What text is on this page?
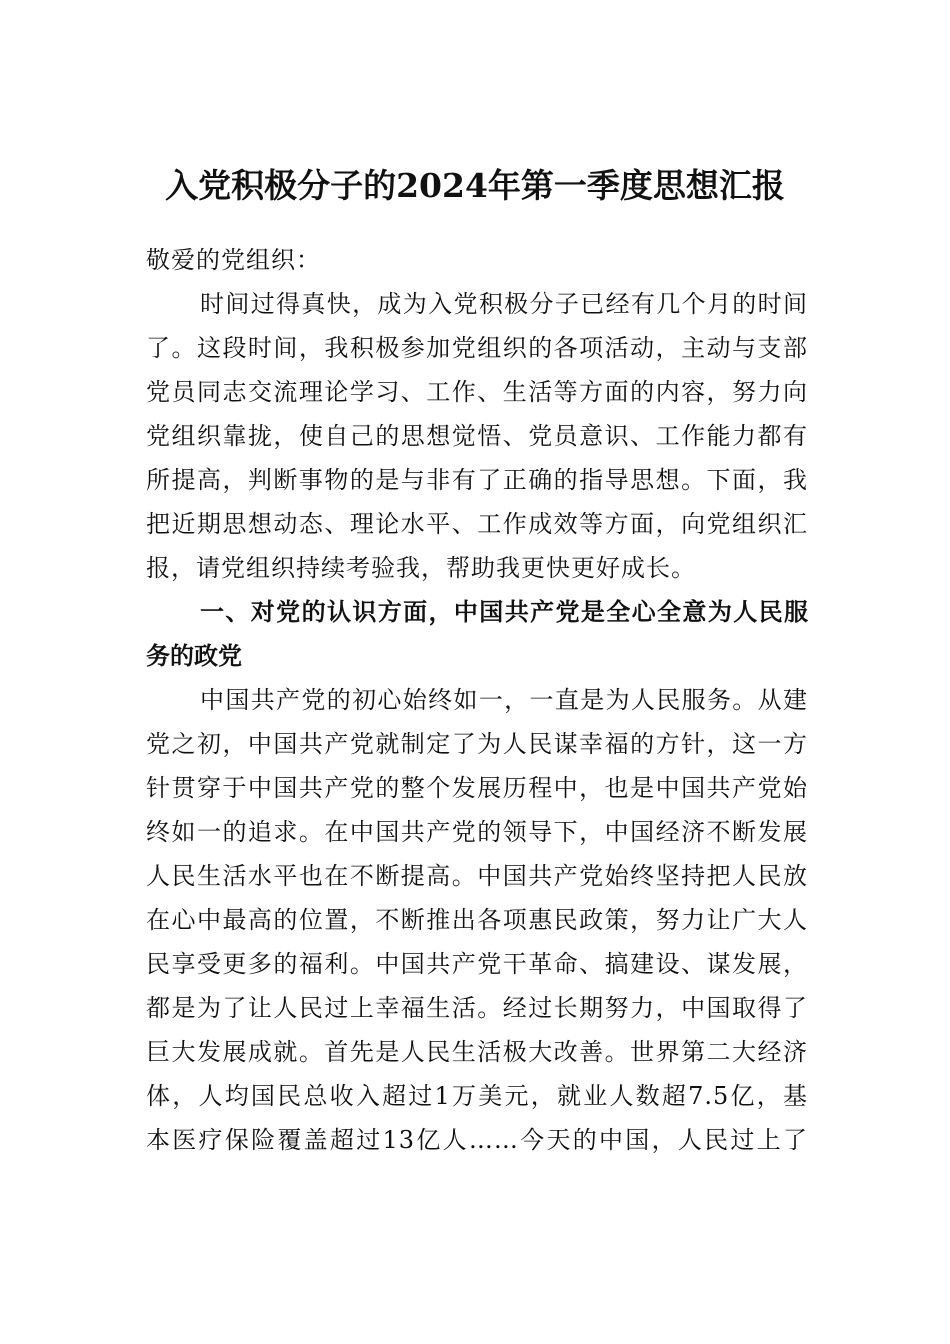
入党积极分子的2024年第一季度思想汇报
敬爱的党组织：
时间过得真快，成为入党积极分子已经有几个月的时间
了。这段时间，我积极参加党组织的各项活动，主动与支部
党员同志交流理论学习、工作、生活等方面的内容，努力向
党组织靠拢，使自己的思想觉悟、党员意识、工作能力都有
所提高，判断事物的是与非有了正确的指导思想。下面，我
把近期思想动态、理论水平、工作成效等方面，向党组织汇
报，请党组织持续考验我，帮助我更快更好成长。
一、对党的认识方面，中国共产党是全心全意为人民服
务的政党
中国共产党的初心始终如一，一直是为人民服务。从建
党之初，中国共产党就制定了为人民谋幸福的方针，这一方
针贯穿于中国共产党的整个发展历程中，也是中国共产党始
终如一的追求。在中国共产党的领导下，中国经济不断发展
人民生活水平也在不断提高。中国共产党始终坚持把人民放
在心中最高的位置，不断推出各项惠民政策，努力让广大人
民享受更多的福利。中国共产党干革命、搞建设、谋发展，
都是为了让人民过上幸福生活。经过长期努力，中国取得了
巨大发展成就。首先是人民生活极大改善。世界第二大经济
体，人均国民总收入超过1万美元，就业人数超7.5亿，基
本医疗保险覆盖超过13亿人……今天的中国，人民过上了
